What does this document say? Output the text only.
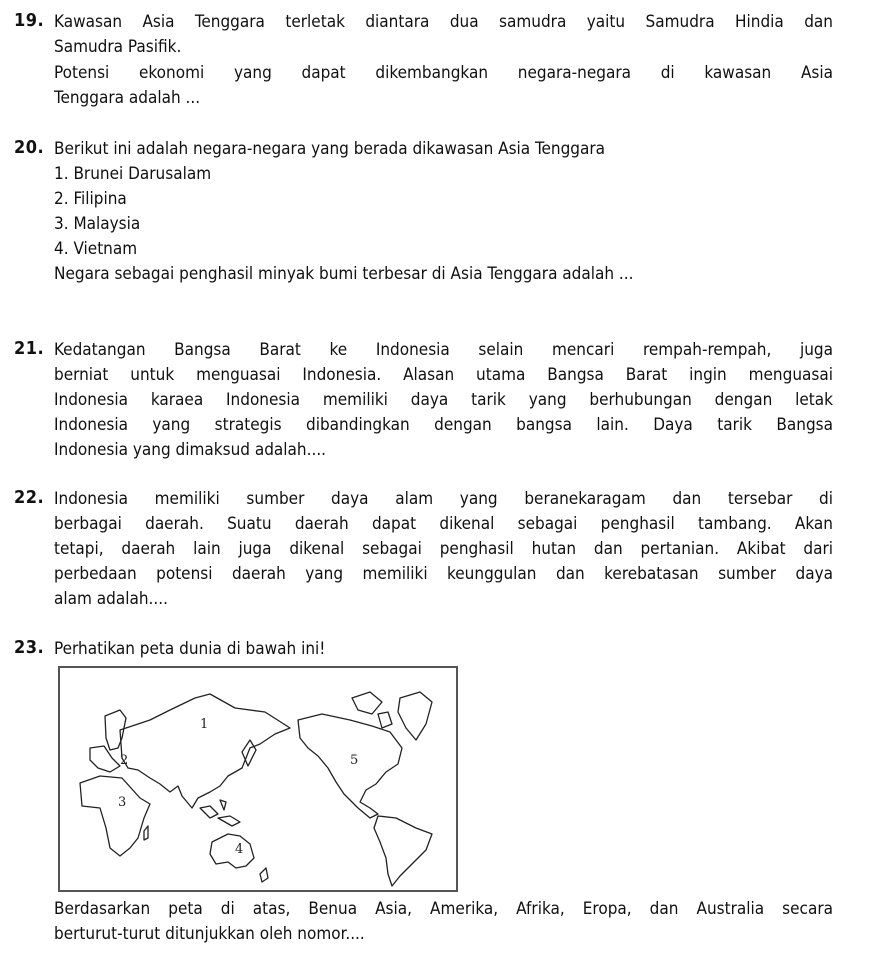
19. Kawasan Asia Tenggara terletak diantara dua samudra yaitu Samudra Hindia dan
Samudra Pasifik.
Potensi ekonomi yang dapat dikembangkan negara-negara di kawasan Asia
Tenggara adalah ...
20. Berikut ini adalah negara-negara yang berada dikawasan Asia Tenggara
1. Brunei Darusalam
2. Filipina
3. Malaysia
4. Vietnam
Negara sebagai penghasil minyak bumi terbesar di Asia Tenggara adalah ...
21. Kedatangan Bangsa Barat ke Indonesia selain mencari rempah-rempah, juga
berniat untuk menguasai Indonesia. Alasan utama Bangsa Barat ingin menguasai
Indonesia karaea Indonesia memiliki daya tarik yang berhubungan dengan letak
Indonesia yang strategis dibandingkan dengan bangsa lain. Daya tarik Bangsa
Indonesia yang dimaksud adalah....
22. Indonesia memiliki sumber daya alam yang beranekaragam dan tersebar di
berbagai daerah. Suatu daerah dapat dikenal sebagai penghasil tambang. Akan
tetapi, daerah lain juga dikenal sebagai penghasil hutan dan pertanian. Akibat dari
perbedaan potensi daerah yang memiliki keunggulan dan kerebatasan sumber daya
alam adalah....
23. Perhatikan peta dunia di bawah ini!
1
2
3
4
5
Berdasarkan peta di atas, Benua Asia, Amerika, Afrika, Eropa, dan Australia secara
berturut-turut ditunjukkan oleh nomor....
